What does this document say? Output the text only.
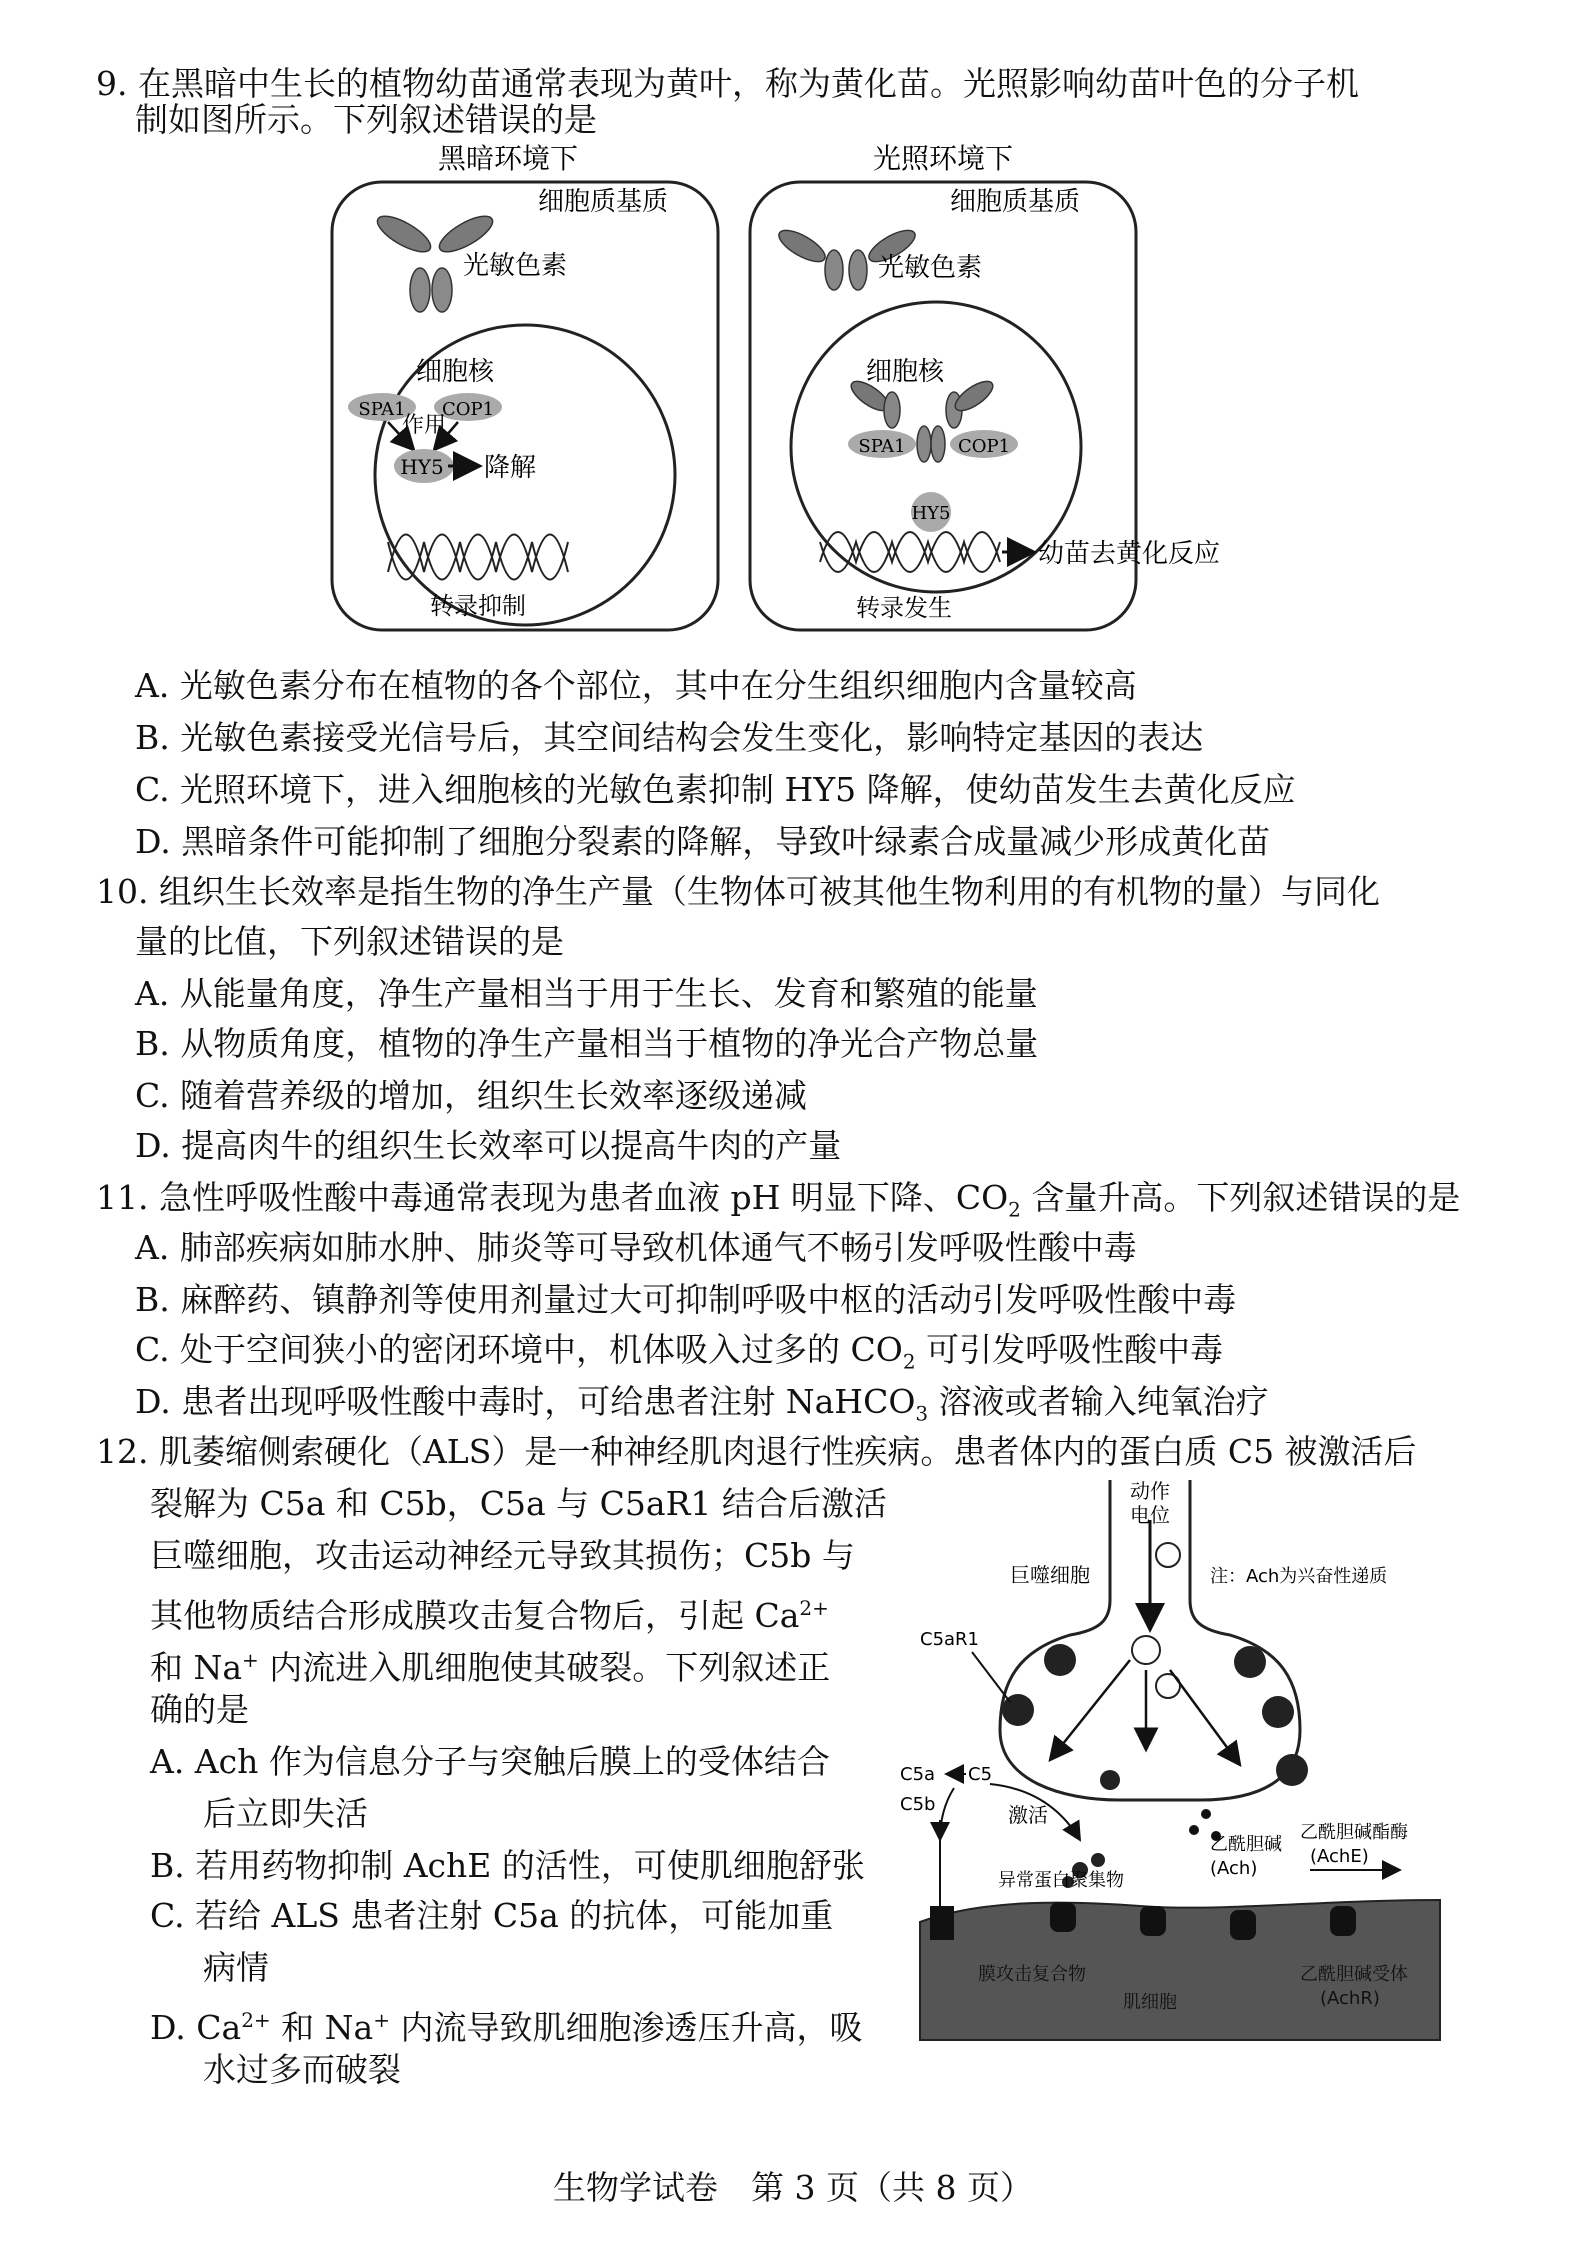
9. 在黑暗中生长的植物幼苗通常表现为黄叶，称为黄化苗。光照影响幼苗叶色的分子机
制如图所示。下列叙述错误的是
黑暗环境下	光照环境下
细胞质基质
光敏色素
细胞核
SPA1 COP1
作用
HY5 降解
转录抑制
细胞质基质
光敏色素
细胞核
SPA1	COP1
HY5
幼苗去黄化反应
转录发生
A. 光敏色素分布在植物的各个部位，其中在分生组织细胞内含量较高
B. 光敏色素接受光信号后，其空间结构会发生变化，影响特定基因的表达
C. 光照环境下，进入细胞核的光敏色素抑制 HY5 降解，使幼苗发生去黄化反应
D. 黑暗条件可能抑制了细胞分裂素的降解，导致叶绿素合成量减少形成黄化苗
10. 组织生长效率是指生物的净生产量（生物体可被其他生物利用的有机物的量）与同化
量的比值，下列叙述错误的是
A. 从能量角度，净生产量相当于用于生长、发育和繁殖的能量
B. 从物质角度，植物的净生产量相当于植物的净光合产物总量
C. 随着营养级的增加，组织生长效率逐级递减
D. 提高肉牛的组织生长效率可以提高牛肉的产量
11. 急性呼吸性酸中毒通常表现为患者血液 pH 明显下降、$CO_2$ 含量升高。下列叙述错误的是
A. 肺部疾病如肺水肿、肺炎等可导致机体通气不畅引发呼吸性酸中毒
B. 麻醉药、镇静剂等使用剂量过大可抑制呼吸中枢的活动引发呼吸性酸中毒
C. 处于空间狭小的密闭环境中，机体吸入过多的 $CO_2$ 可引发呼吸性酸中毒
D. 患者出现呼吸性酸中毒时，可给患者注射 NaHCO$_3$ 溶液或者输入纯氧治疗
12. 肌萎缩侧索硬化（ALS）是一种神经肌肉退行性疾病。患者体内的蛋白质 C5 被激活后
裂解为 C5a 和 C5b，C5a 与 C5aR1 结合后激活
巨噬细胞，攻击运动神经元导致其损伤；C5b 与
其他物质结合形成膜攻击复合物后，引起 $Ca^{2+}$
和 Na+ 内流进入肌细胞使其破裂。下列叙述正
确的是
A. Ach 作为信息分子与突触后膜上的受体结合
后立即失活
B. 若用药物抑制 AchE 的活性，可使肌细胞舒张
C. 若给 ALS 患者注射 C5a 的抗体，可能加重
病情
D. $Ca^{2+}$ 和 Na+ 内流导致肌细胞渗透压升高，吸
水过多而破裂
动作
电位
巨噬细胞	注：Ach为兴奋性递质
C5aR1
C5a C5
C5b	激活
异常蛋白聚集物
乙酰胆碱
(Ach)
乙酰胆碱酯酶
(AchE)
膜攻击复合物
肌细胞
乙酰胆碱受体
(AchR)
生物学试卷　第 3 页（共 8 页）
